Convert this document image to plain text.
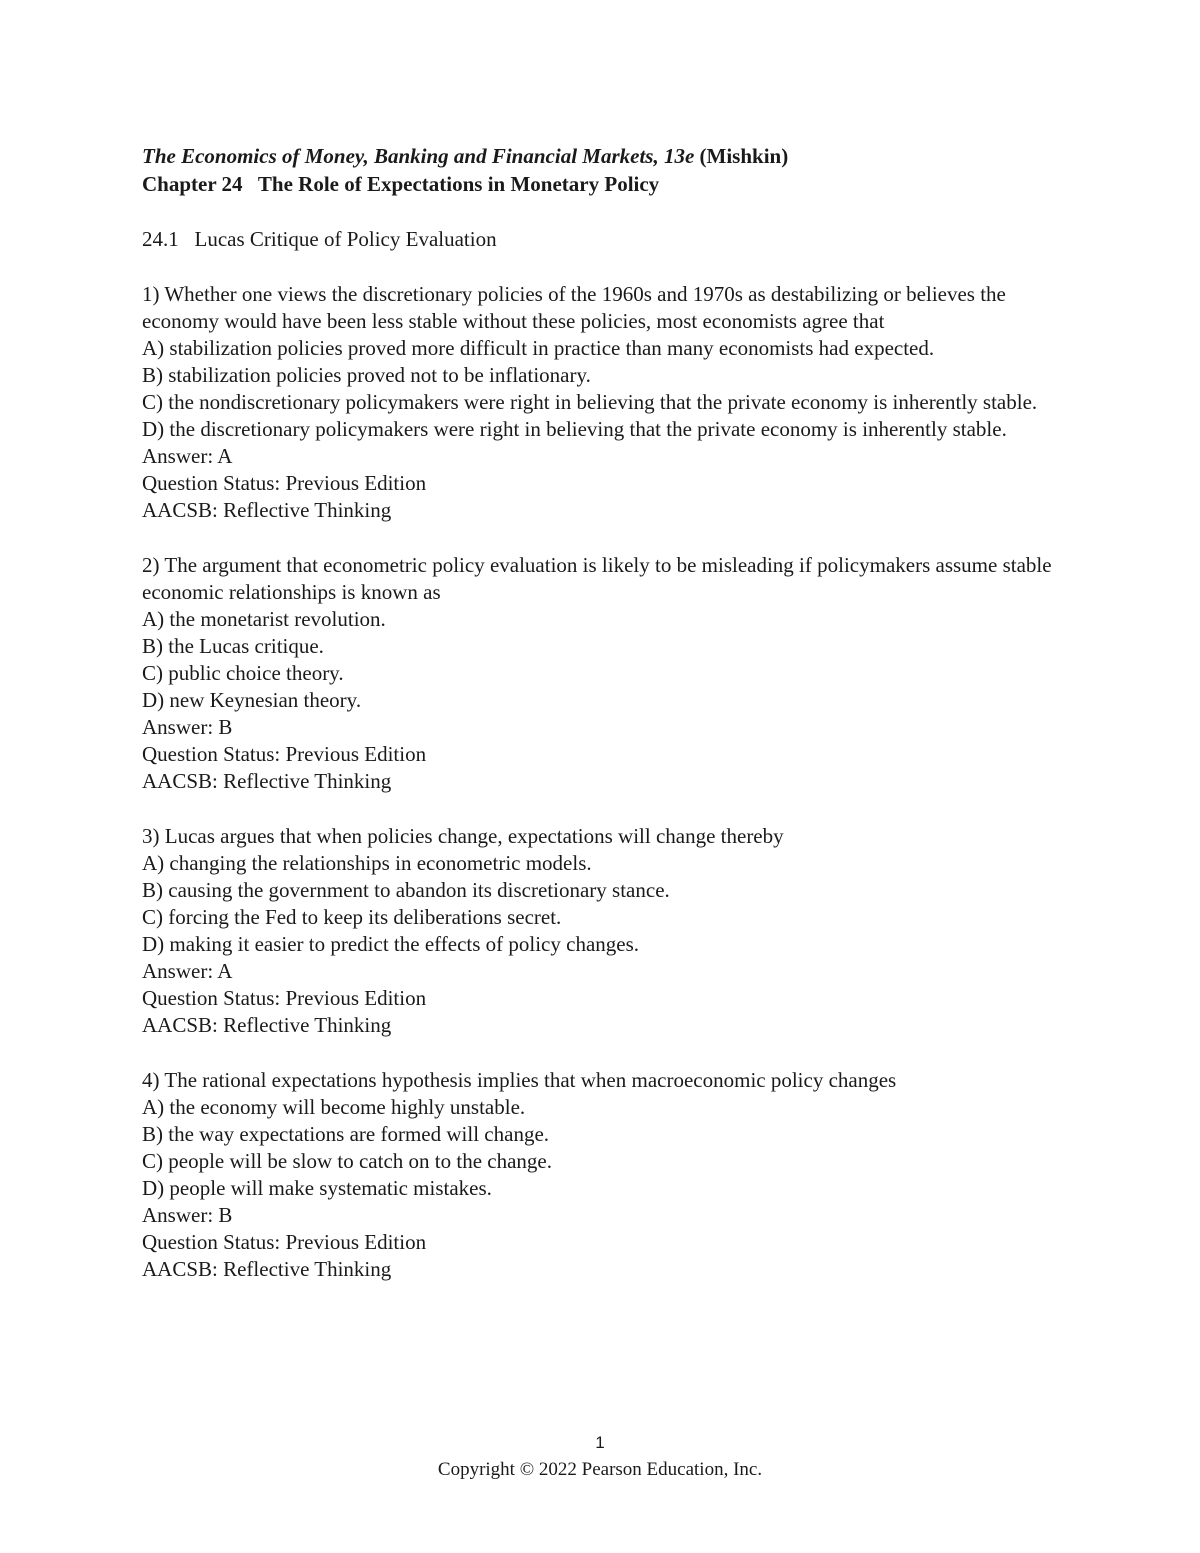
The Economics of Money, Banking and Financial Markets, 13e (Mishkin)
Chapter 24   The Role of Expectations in Monetary Policy
24.1   Lucas Critique of Policy Evaluation
1) Whether one views the discretionary policies of the 1960s and 1970s as destabilizing or believes the economy would have been less stable without these policies, most economists agree that
A) stabilization policies proved more difficult in practice than many economists had expected.
B) stabilization policies proved not to be inflationary.
C) the nondiscretionary policymakers were right in believing that the private economy is inherently stable.
D) the discretionary policymakers were right in believing that the private economy is inherently stable.
Answer: A
Question Status: Previous Edition
AACSB: Reflective Thinking
2) The argument that econometric policy evaluation is likely to be misleading if policymakers assume stable economic relationships is known as
A) the monetarist revolution.
B) the Lucas critique.
C) public choice theory.
D) new Keynesian theory.
Answer: B
Question Status: Previous Edition
AACSB: Reflective Thinking
3) Lucas argues that when policies change, expectations will change thereby
A) changing the relationships in econometric models.
B) causing the government to abandon its discretionary stance.
C) forcing the Fed to keep its deliberations secret.
D) making it easier to predict the effects of policy changes.
Answer: A
Question Status: Previous Edition
AACSB: Reflective Thinking
4) The rational expectations hypothesis implies that when macroeconomic policy changes
A) the economy will become highly unstable.
B) the way expectations are formed will change.
C) people will be slow to catch on to the change.
D) people will make systematic mistakes.
Answer: B
Question Status: Previous Edition
AACSB: Reflective Thinking
1
Copyright © 2022 Pearson Education, Inc.
